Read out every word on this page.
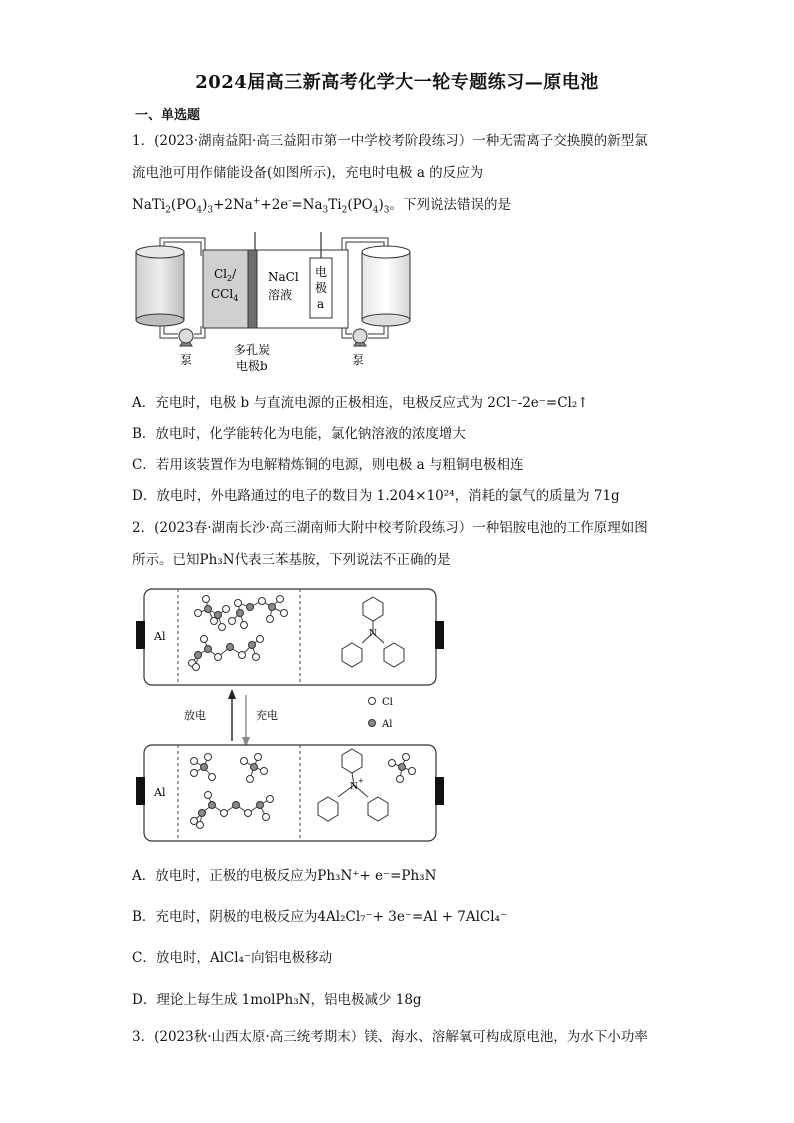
2024届高三新高考化学大一轮专题练习—原电池
一、单选题
1．(2023·湖南益阳·高三益阳市第一中学校考阶段练习）一种无需离子交换膜的新型氯
流电池可用作储能设备(如图所示)，充电时电极 a 的反应为
$NaTi_2(PO_4)_3+2Na^++2e^-=Na_3Ti_2(PO_4)_3$。下列说法错误的是
$Cl_2/$
CCl$_4$
NaCl
溶液
电
极
a
泵	泵
多孔炭
电极b
A．充电时，电极 b 与直流电源的正极相连，电极反应式为 2Cl⁻-2e⁻=Cl₂↑
B．放电时，化学能转化为电能，氯化钠溶液的浓度增大
C．若用该装置作为电解精炼铜的电源，则电极 a 与粗铜电极相连
D．放电时，外电路通过的电子的数目为 1.204×10²⁴，消耗的氯气的质量为 71g
2．(2023春·湖南长沙·高三湖南师大附中校考阶段练习）一种铝胺电池的工作原理如图
所示。已知Ph₃N代表三苯基胺，下列说法不正确的是
Al	N
放电	充电
Cl
Al
Al	N
+
A．放电时，正极的电极反应为Ph₃N⁺+ e⁻=Ph₃N
B．充电时，阴极的电极反应为4Al₂Cl₇⁻+ 3e⁻=Al + 7AlCl₄⁻
C．放电时，AlCl₄⁻向铝电极移动
D．理论上每生成 1molPh₃N，铝电极减少 18g
3．(2023秋·山西太原·高三统考期末）镁、海水、溶解氧可构成原电池，为水下小功率
